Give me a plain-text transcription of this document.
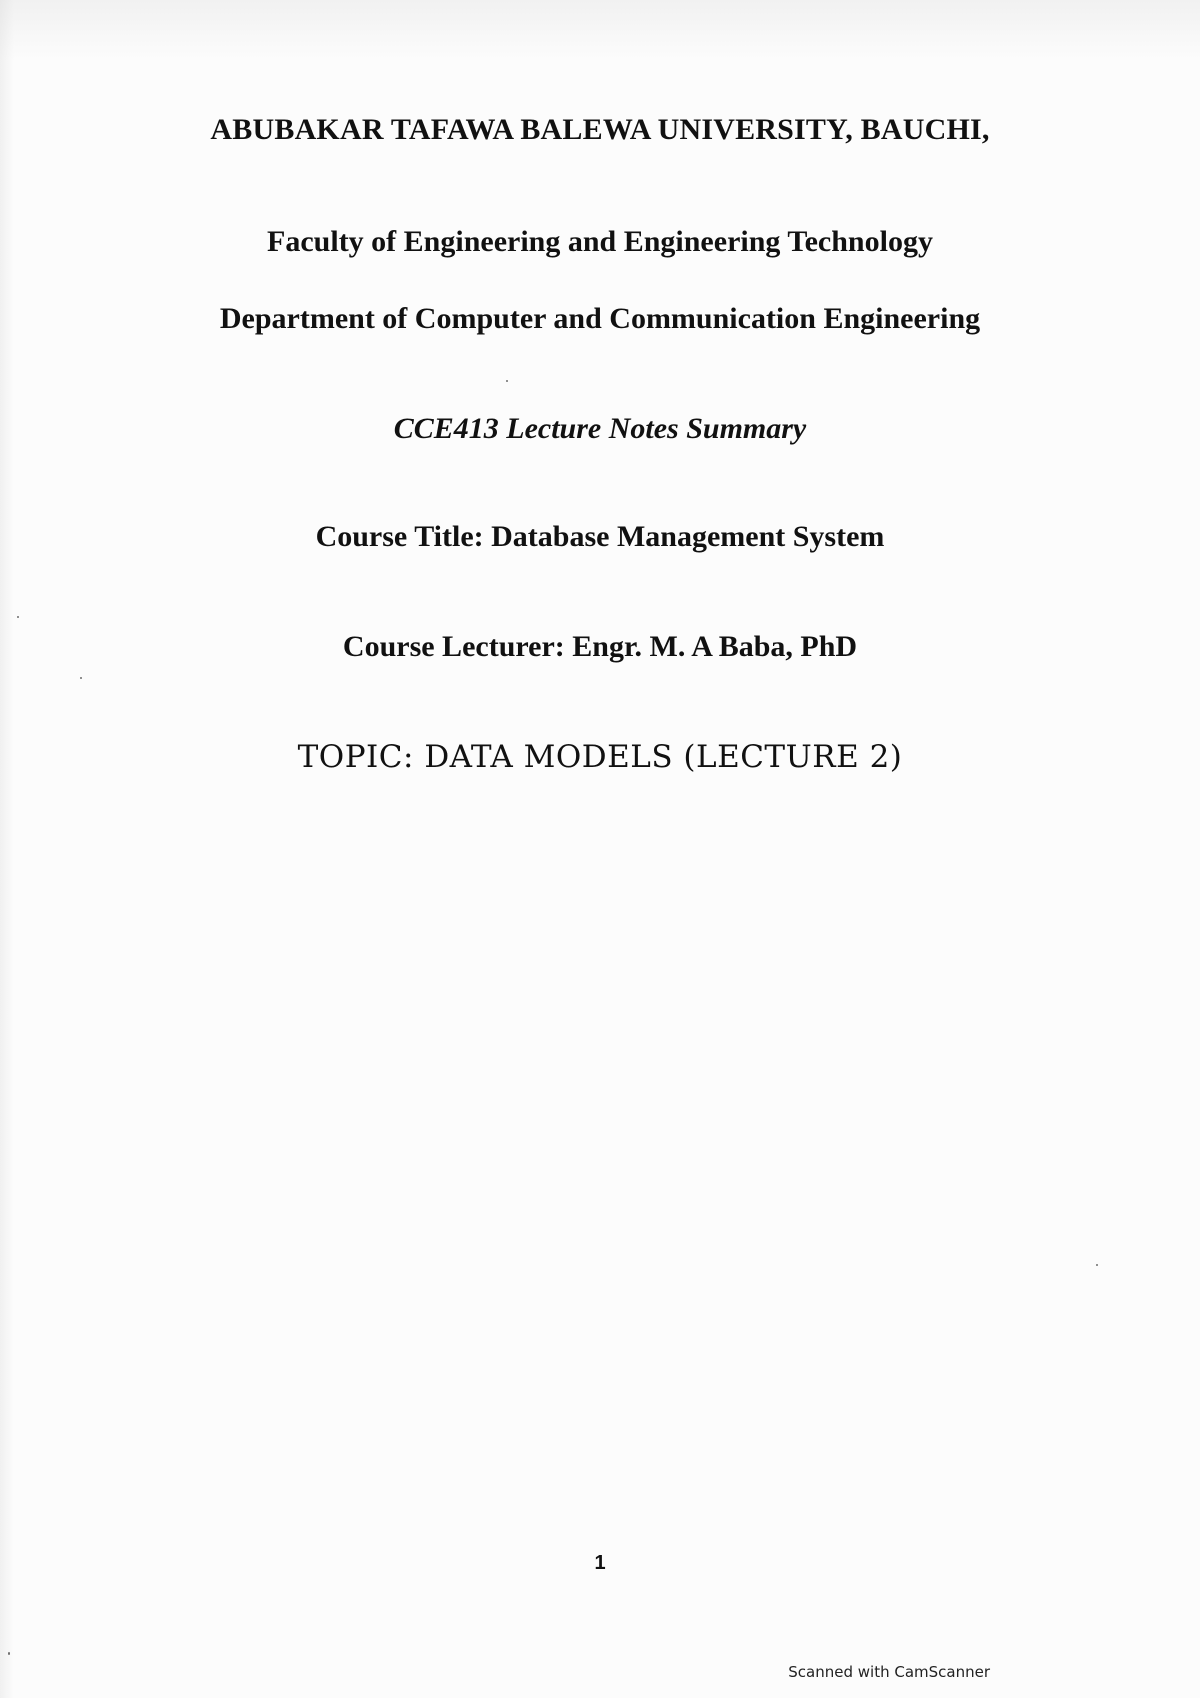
ABUBAKAR TAFAWA BALEWA UNIVERSITY, BAUCHI,
Faculty of Engineering and Engineering Technology
Department of Computer and Communication Engineering
CCE413 Lecture Notes Summary
Course Title: Database Management System
Course Lecturer: Engr. M. A Baba, PhD
TOPIC: DATA MODELS (LECTURE 2)
1
Scanned with CamScanner
